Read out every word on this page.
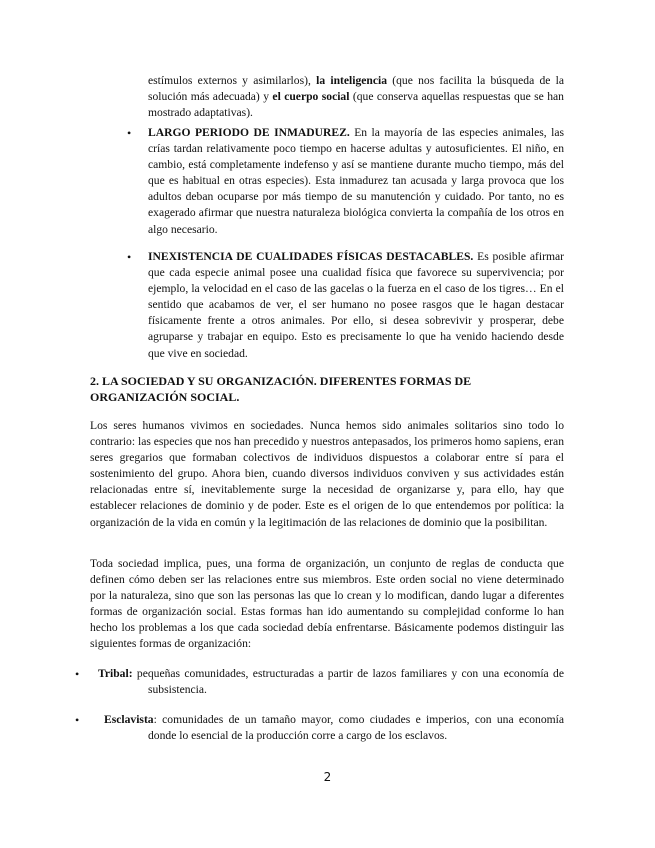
estímulos externos y asimilarlos), la inteligencia (que nos facilita la búsqueda de la solución más adecuada) y el cuerpo social (que conserva aquellas respuestas que se han mostrado adaptativas).
• LARGO PERIODO DE INMADUREZ. En la mayoría de las especies animales, las crías tardan relativamente poco tiempo en hacerse adultas y autosuficientes. El niño, en cambio, está completamente indefenso y así se mantiene durante mucho tiempo, más del que es habitual en otras especies). Esta inmadurez tan acusada y larga provoca que los adultos deban ocuparse por más tiempo de su manutención y cuidado. Por tanto, no es exagerado afirmar que nuestra naturaleza biológica convierta la compañía de los otros en algo necesario.
• INEXISTENCIA DE CUALIDADES FÍSICAS DESTACABLES. Es posible afirmar que cada especie animal posee una cualidad física que favorece su supervivencia; por ejemplo, la velocidad en el caso de las gacelas o la fuerza en el caso de los tigres… En el sentido que acabamos de ver, el ser humano no posee rasgos que le hagan destacar físicamente frente a otros animales. Por ello, si desea sobrevivir y prosperar, debe agruparse y trabajar en equipo. Esto es precisamente lo que ha venido haciendo desde que vive en sociedad.
2. LA SOCIEDAD Y SU ORGANIZACIÓN. DIFERENTES FORMAS DE ORGANIZACIÓN SOCIAL.
Los seres humanos vivimos en sociedades. Nunca hemos sido animales solitarios sino todo lo contrario: las especies que nos han precedido y nuestros antepasados, los primeros homo sapiens, eran seres gregarios que formaban colectivos de individuos dispuestos a colaborar entre sí para el sostenimiento del grupo. Ahora bien, cuando diversos individuos conviven y sus actividades están relacionadas entre sí, inevitablemente surge la necesidad de organizarse y, para ello, hay que establecer relaciones de dominio y de poder. Este es el origen de lo que entendemos por política: la organización de la vida en común y la legitimación de las relaciones de dominio que la posibilitan.
Toda sociedad implica, pues, una forma de organización, un conjunto de reglas de conducta que definen cómo deben ser las relaciones entre sus miembros. Este orden social no viene determinado por la naturaleza, sino que son las personas las que lo crean y lo modifican, dando lugar a diferentes formas de organización social. Estas formas han ido aumentando su complejidad conforme lo han hecho los problemas a los que cada sociedad debía enfrentarse. Básicamente podemos distinguir las siguientes formas de organización:
• Tribal: pequeñas comunidades, estructuradas a partir de lazos familiares y con una economía de subsistencia.
• Esclavista: comunidades de un tamaño mayor, como ciudades e imperios, con una economía donde lo esencial de la producción corre a cargo de los esclavos.
2
